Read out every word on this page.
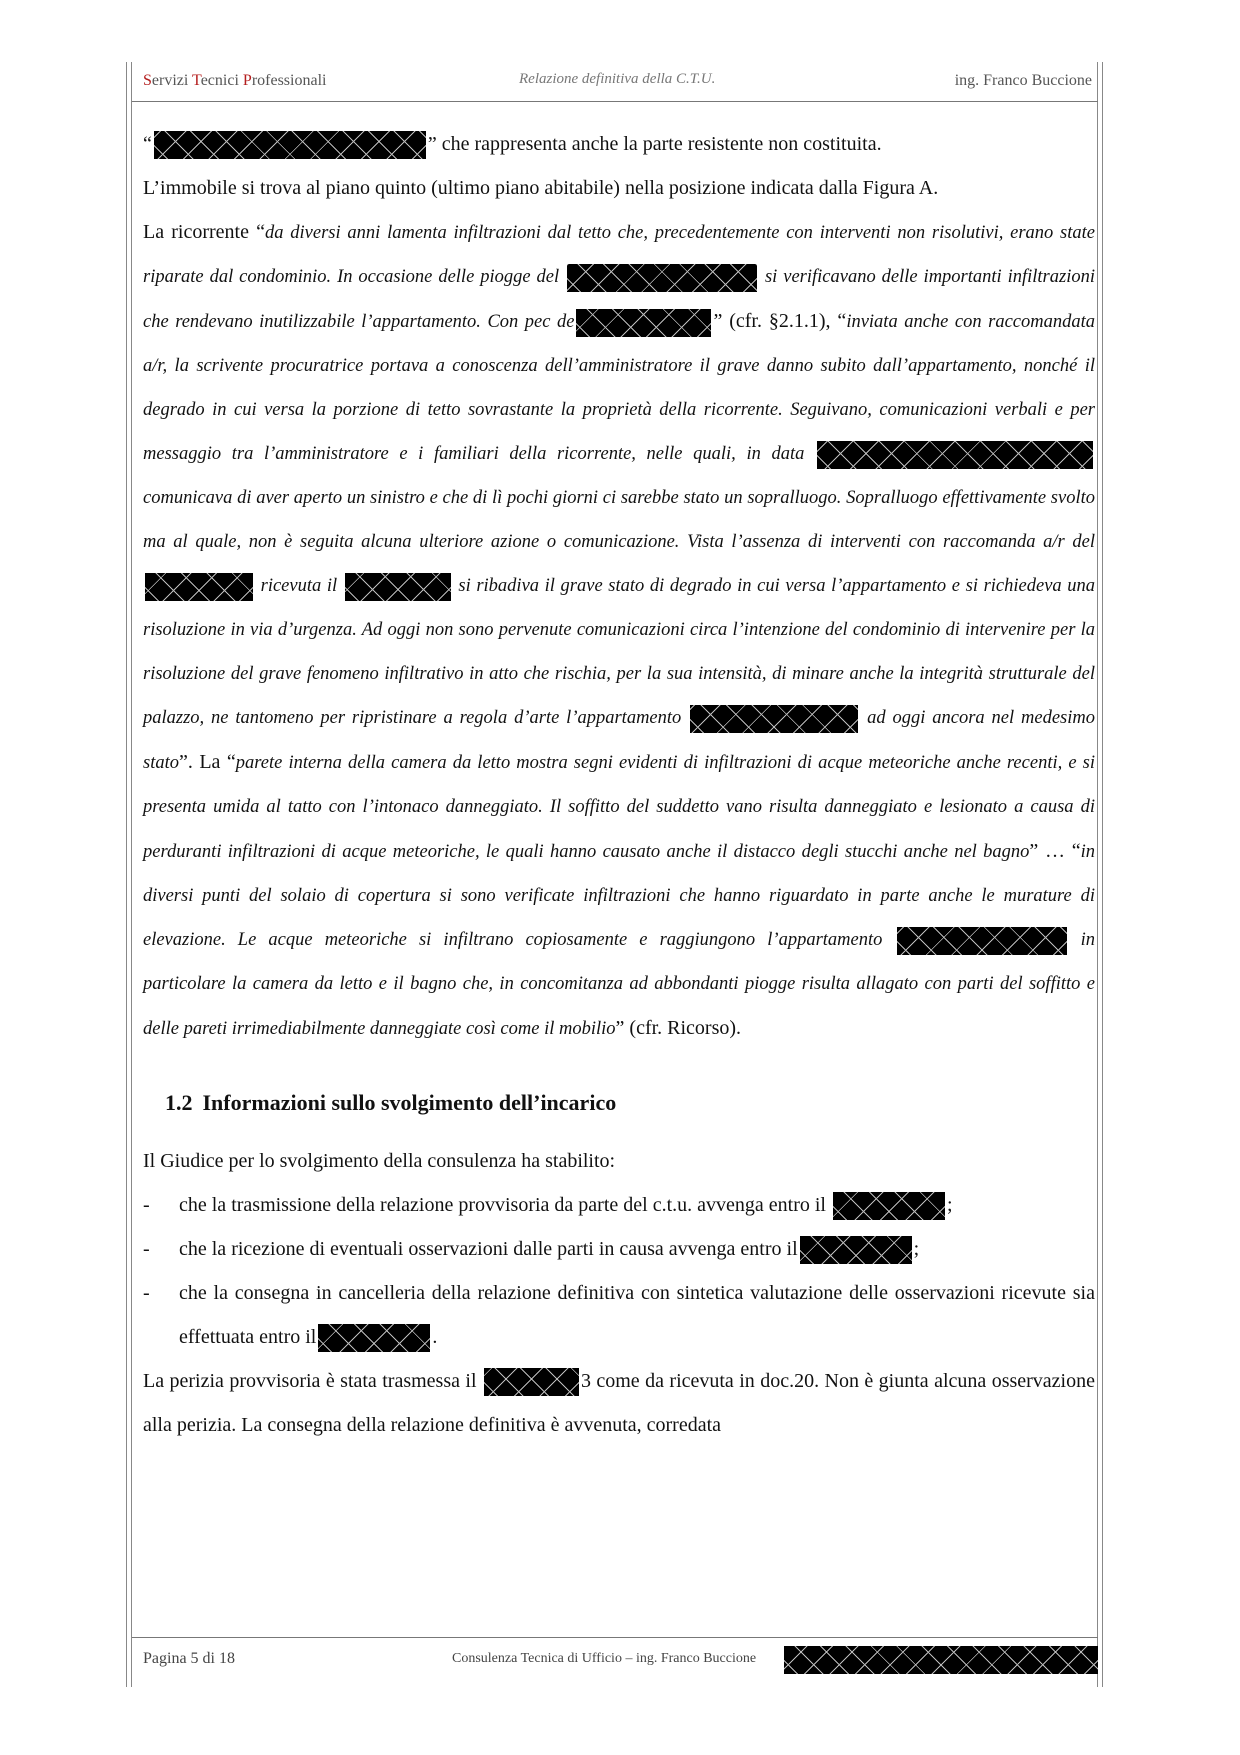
Servizi Tecnici Professionali	Relazione definitiva della C.T.U.	ing. Franco Buccione

“	” che rappresenta anche la parte resistente non costituita.

L’immobile si trova al piano quinto (ultimo piano abitabile) nella posizione indicata dalla Figura A.

La ricorrente “da diversi anni lamenta infiltrazioni dal tetto che, precedentemente con interventi non risolutivi, erano state riparate dal condominio. In occasione delle piogge del	si verificavano delle importanti infiltrazioni che rendevano inutilizzabile l’appartamento. Con pec de	” (cfr. §2.1.1), “inviata anche con raccomandata a/r, la scrivente procuratrice portava a conoscenza dell’amministratore il grave danno subito dall’appartamento, nonché il degrado in cui versa la porzione di tetto sovrastante la proprietà della ricorrente. Seguivano, comunicazioni verbali e per messaggio tra l’amministratore e i familiari della ricorrente, nelle quali, in data  comunicava di aver aperto un sinistro e che di lì pochi giorni ci sarebbe stato un sopralluogo. Sopralluogo effettivamente svolto ma al quale, non è seguita alcuna ulteriore azione o comunicazione. Vista l’assenza di interventi con raccomanda a/r del  ricevuta il	si ribadiva il grave stato di degrado in cui versa l’appartamento e si richiedeva una risoluzione in via d’urgenza. Ad oggi non sono pervenute comunicazioni circa l’intenzione del condominio di intervenire per la risoluzione del grave fenomeno infiltrativo in atto che rischia, per la sua intensità, di minare anche la integrità strutturale del palazzo, ne tantomeno per ripristinare a regola d’arte l’appartamento	ad oggi ancora nel medesimo stato”. La “parete interna della camera da letto mostra segni evidenti di infiltrazioni di acque meteoriche anche recenti, e si presenta umida al tatto con l’intonaco danneggiato. Il soffitto del suddetto vano risulta danneggiato e lesionato a causa di perduranti infiltrazioni di acque meteoriche, le quali hanno causato anche il distacco degli stucchi anche nel bagno” … “in diversi punti del solaio di copertura si sono verificate infiltrazioni che hanno riguardato in parte anche le murature di elevazione. Le acque meteoriche si infiltrano copiosamente e raggiungono l’appartamento	in particolare la camera da letto e il bagno che, in concomitanza ad abbondanti piogge risulta allagato con parti del soffitto e delle pareti irrimediabilmente danneggiate così come il mobilio” (cfr. Ricorso).

1.2 Informazioni sullo svolgimento dell’incarico

Il Giudice per lo svolgimento della consulenza ha stabilito:

- che la trasmissione della relazione provvisoria da parte del c.t.u. avvenga entro il	;
- che la ricezione di eventuali osservazioni dalle parti in causa avvenga entro il	;
- che la consegna in cancelleria della relazione definitiva con sintetica valutazione delle osservazioni ricevute sia effettuata entro il	.

La perizia provvisoria è stata trasmessa il	3 come da ricevuta in doc.20. Non è giunta alcuna osservazione alla perizia. La consegna della relazione definitiva è avvenuta, corredata

Pagina 5 di 18	Consulenza Tecnica di Ufficio – ing. Franco Buccione
